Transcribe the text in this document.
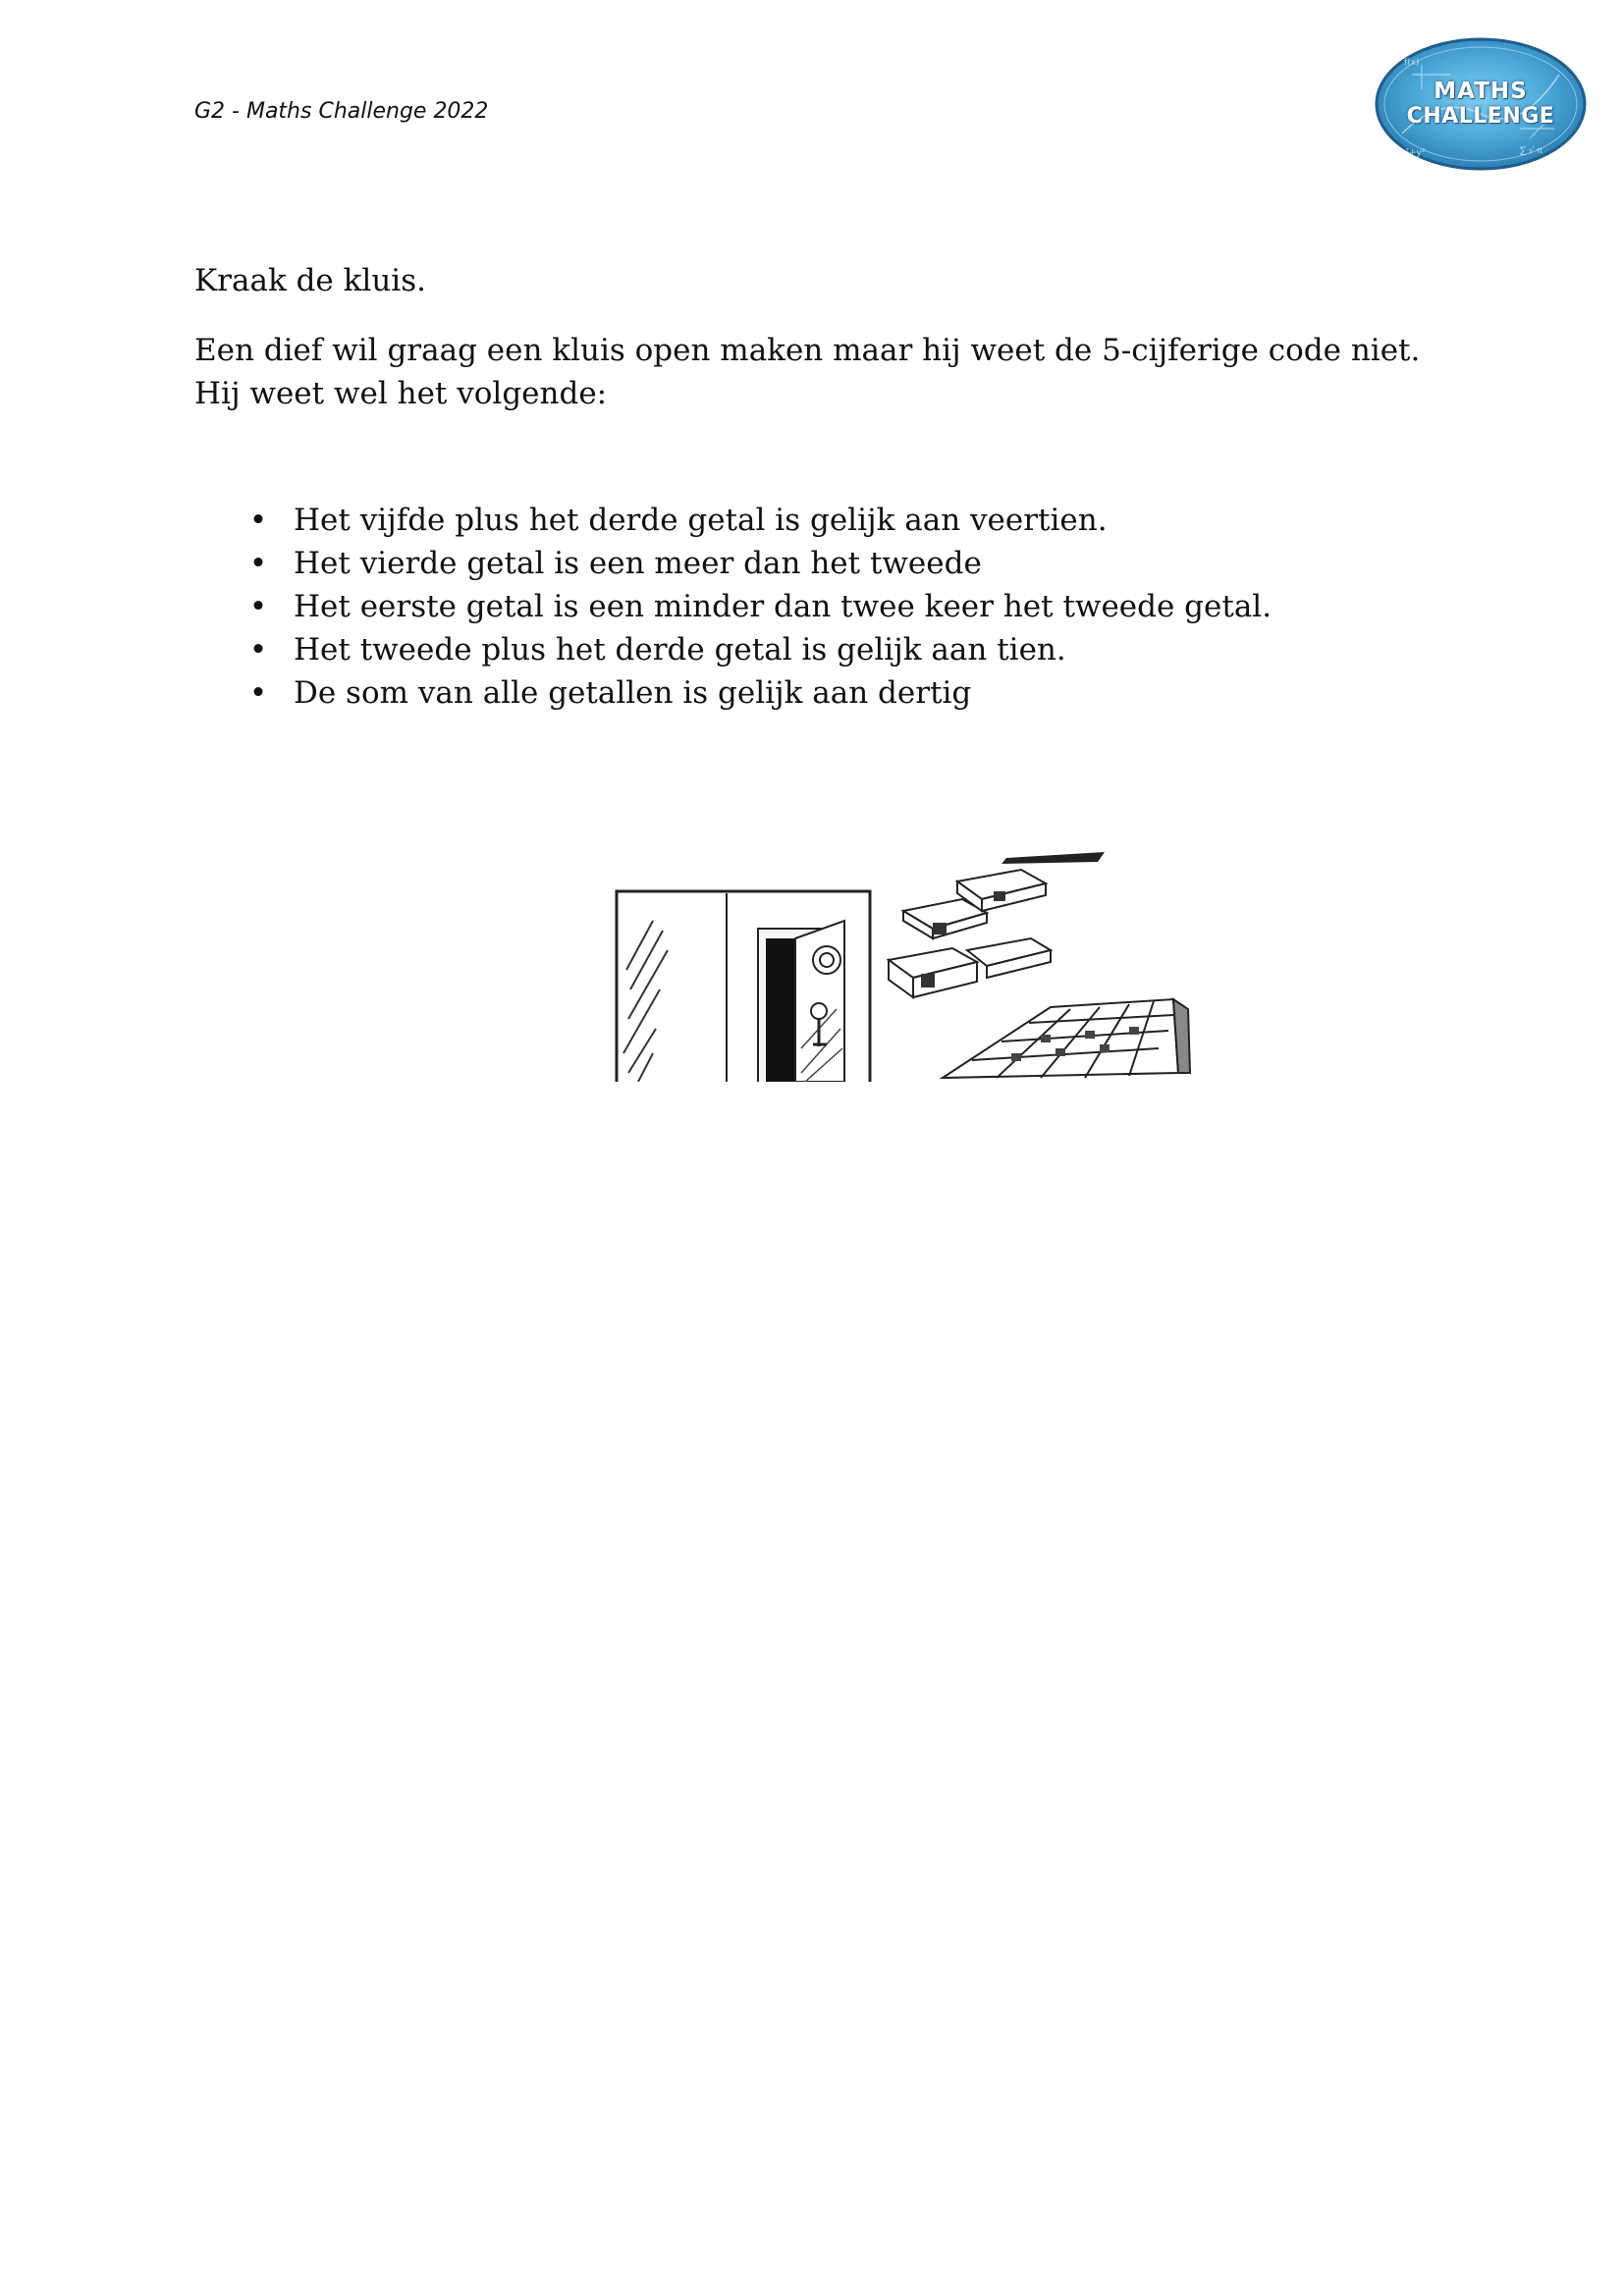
G2 - Maths Challenge 2022
x²+y²	∑ √ π
f(x)
MATHS
CHALLENGE
Kraak de kluis.
Een dief wil graag een kluis open maken maar hij weet de 5-cijferige code niet. Hij weet wel het volgende:
• Het vijfde plus het derde getal is gelijk aan veertien.
• Het vierde getal is een meer dan het tweede
• Het eerste getal is een minder dan twee keer het tweede getal.
• Het tweede plus het derde getal is gelijk aan tien.
• De som van alle getallen is gelijk aan dertig
